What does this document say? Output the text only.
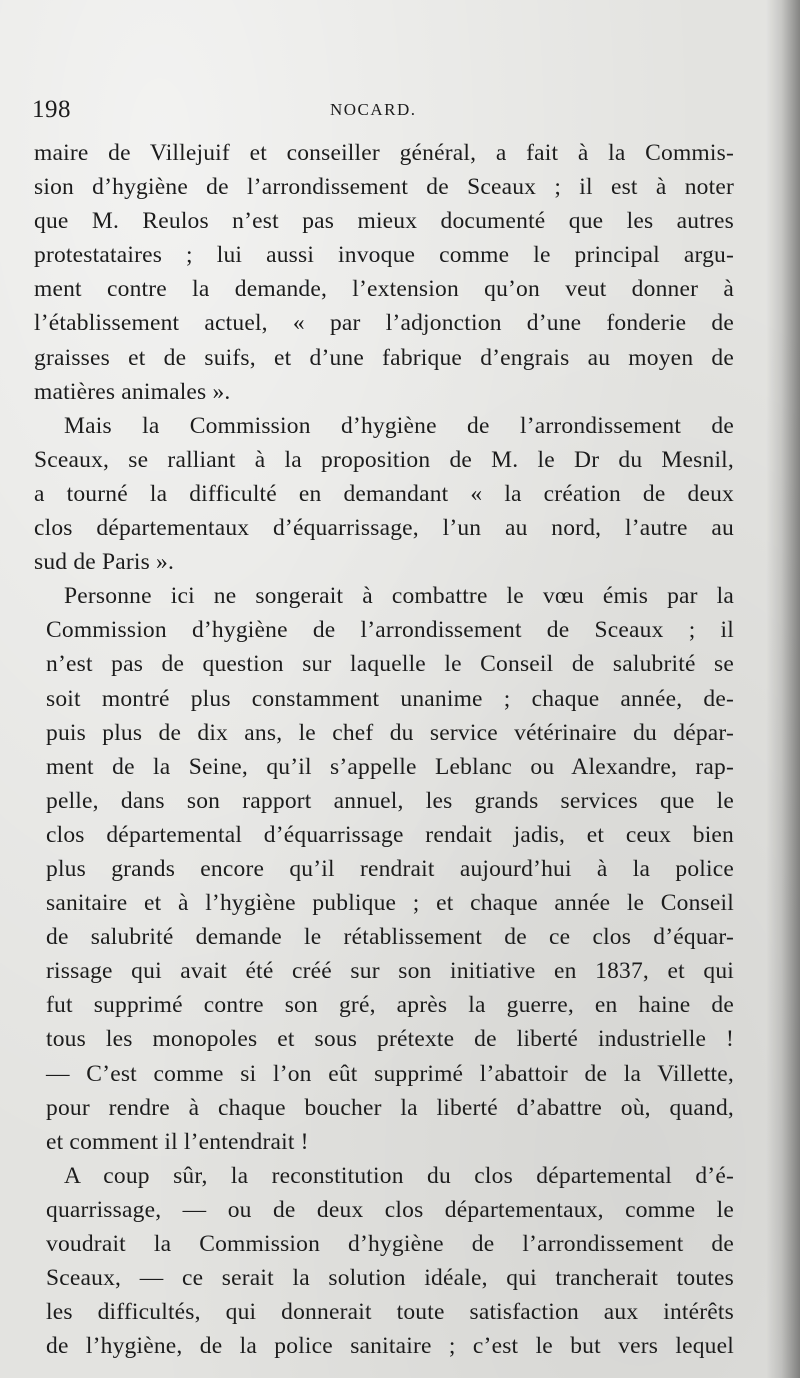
198	NOCARD.
maire de Villejuif et conseiller général, a fait à la Commis-
sion d’hygiène de l’arrondissement de Sceaux ; il est à noter
que M. Reulos n’est pas mieux documenté que les autres
protestataires ; lui aussi invoque comme le principal argu-
ment contre la demande, l’extension qu’on veut donner à
l’établissement actuel, « par l’adjonction d’une fonderie de
graisses et de suifs, et d’une fabrique d’engrais au moyen de
matières animales ».
Mais la Commission d’hygiène de l’arrondissement de
Sceaux, se ralliant à la proposition de M. le Dr du Mesnil,
a tourné la difficulté en demandant « la création de deux
clos départementaux d’équarrissage, l’un au nord, l’autre au
sud de Paris ».
Personne ici ne songerait à combattre le vœu émis par la
Commission d’hygiène de l’arrondissement de Sceaux ; il
n’est pas de question sur laquelle le Conseil de salubrité se
soit montré plus constamment unanime ; chaque année, de-
puis plus de dix ans, le chef du service vétérinaire du dépar-
ment de la Seine, qu’il s’appelle Leblanc ou Alexandre, rap-
pelle, dans son rapport annuel, les grands services que le
clos départemental d’équarrissage rendait jadis, et ceux bien
plus grands encore qu’il rendrait aujourd’hui à la police
sanitaire et à l’hygiène publique ; et chaque année le Conseil
de salubrité demande le rétablissement de ce clos d’équar-
rissage qui avait été créé sur son initiative en 1837, et qui
fut supprimé contre son gré, après la guerre, en haine de
tous les monopoles et sous prétexte de liberté industrielle !
— C’est comme si l’on eût supprimé l’abattoir de la Villette,
pour rendre à chaque boucher la liberté d’abattre où, quand,
et comment il l’entendrait !
A coup sûr, la reconstitution du clos départemental d’é-
quarrissage, — ou de deux clos départementaux, comme le
voudrait la Commission d’hygiène de l’arrondissement de
Sceaux, — ce serait la solution idéale, qui trancherait toutes
les difficultés, qui donnerait toute satisfaction aux intérêts
de l’hygiène, de la police sanitaire ; c’est le but vers lequel
